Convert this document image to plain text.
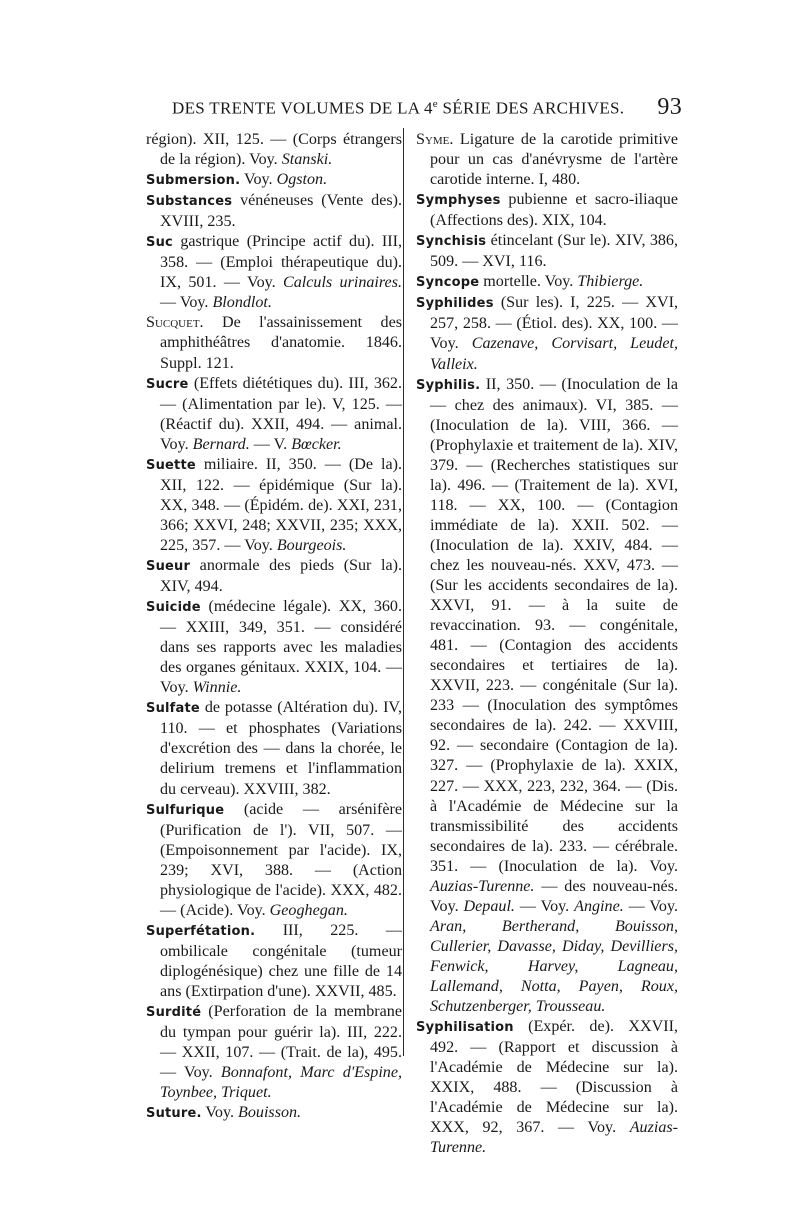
DES TRENTE VOLUMES DE LA 4e SÉRIE DES ARCHIVES. 93

région). XII, 125. — (Corps étrangers de la région). Voy. Stanski.

Submersion. Voy. Ogston.

Substances vénéneuses (Vente des). XVIII, 235.

Suc gastrique (Principe actif du). III, 358. — (Emploi thérapeutique du). IX, 501. — Voy. Calculs urinaires. — Voy. Blondlot.

Sucquet. De l'assainissement des amphithéâtres d'anatomie. 1846. Suppl. 121.

Sucre (Effets diététiques du). III, 362. — (Alimentation par le). V, 125. — (Réactif du). XXII, 494. — animal. Voy. Bernard. — V. Bœcker.

Suette miliaire. II, 350. — (De la). XII, 122. — épidémique (Sur la). XX, 348. — (Épidém. de). XXI, 231, 366; XXVI, 248; XXVII, 235; XXX, 225, 357. — Voy. Bourgeois.

Sueur anormale des pieds (Sur la). XIV, 494.

Suicide (médecine légale). XX, 360. — XXIII, 349, 351. — considéré dans ses rapports avec les maladies des organes génitaux. XXIX, 104. — Voy. Winnie.

Sulfate de potasse (Altération du). IV, 110. — et phosphates (Variations d'excrétion des — dans la chorée, le delirium tremens et l'inflammation du cerveau). XXVIII, 382.

Sulfurique (acide — arsénifère (Purification de l'). VII, 507. — (Empoisonnement par l'acide). IX, 239; XVI, 388. — (Action physiologique de l'acide). XXX, 482. — (Acide). Voy. Geoghegan.

Superfétation. III, 225. — ombilicale congénitale (tumeur diplogénésique) chez une fille de 14 ans (Extirpation d'une). XXVII, 485.

Surdité (Perforation de la membrane du tympan pour guérir la). III, 222. — XXII, 107. — (Trait. de la), 495. — Voy. Bonnafont, Marc d'Espine, Toynbee, Triquet.

Suture. Voy. Bouisson.

Syme. Ligature de la carotide primitive pour un cas d'anévrysme de l'artère carotide interne. I, 480.

Symphyses pubienne et sacro-iliaque (Affections des). XIX, 104.

Synchisis étincelant (Sur le). XIV, 386, 509. — XVI, 116.

Syncope mortelle. Voy. Thibierge.

Syphilides (Sur les). I, 225. — XVI, 257, 258. — (Étiol. des). XX, 100. — Voy. Cazenave, Corvisart, Leudet, Valleix.

Syphilis. II, 350. — (Inoculation de la — chez des animaux). VI, 385. — (Inoculation de la). VIII, 366. — (Prophylaxie et traitement de la). XIV, 379. — (Recherches statistiques sur la). 496. — (Traitement de la). XVI, 118. — XX, 100. — (Contagion immédiate de la). XXII. 502. — (Inoculation de la). XXIV, 484. — chez les nouveau-nés. XXV, 473. — (Sur les accidents secondaires de la). XXVI, 91. — à la suite de revaccination. 93. — congénitale, 481. — (Contagion des accidents secondaires et tertiaires de la). XXVII, 223. — congénitale (Sur la). 233 — (Inoculation des symptômes secondaires de la). 242. — XXVIII, 92. — secondaire (Contagion de la). 327. — (Prophylaxie de la). XXIX, 227. — XXX, 223, 232, 364. — (Dis. à l'Académie de Médecine sur la transmissibilité des accidents secondaires de la). 233. — cérébrale. 351. — (Inoculation de la). Voy. Auzias-Turenne. — des nouveau-nés. Voy. Depaul. — Voy. Angine. — Voy. Aran, Bertherand, Bouisson, Cullerier, Davasse, Diday, Devilliers, Fenwick, Harvey, Lagneau, Lallemand, Notta, Payen, Roux, Schutzenberger, Trousseau.

Syphilisation (Expér. de). XXVII, 492. — (Rapport et discussion à l'Académie de Médecine sur la). XXIX, 488. — (Discussion à l'Académie de Médecine sur la). XXX, 92, 367. — Voy. Auzias-Turenne.
